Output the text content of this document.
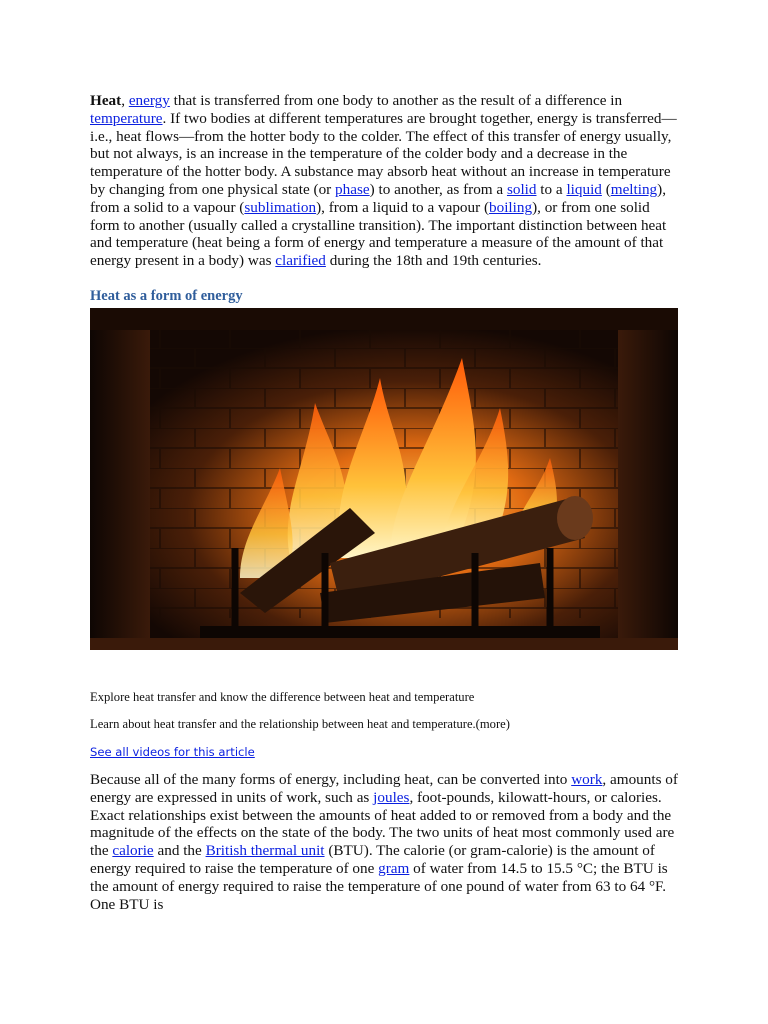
Heat, energy that is transferred from one body to another as the result of a difference in temperature. If two bodies at different temperatures are brought together, energy is transferred—i.e., heat flows—from the hotter body to the colder. The effect of this transfer of energy usually, but not always, is an increase in the temperature of the colder body and a decrease in the temperature of the hotter body. A substance may absorb heat without an increase in temperature by changing from one physical state (or phase) to another, as from a solid to a liquid (melting), from a solid to a vapour (sublimation), from a liquid to a vapour (boiling), or from one solid form to another (usually called a crystalline transition). The important distinction between heat and temperature (heat being a form of energy and temperature a measure of the amount of that energy present in a body) was clarified during the 18th and 19th centuries.

Heat as a form of energy

Explore heat transfer and know the difference between heat and temperature

Learn about heat transfer and the relationship between heat and temperature.(more)

See all videos for this article

Because all of the many forms of energy, including heat, can be converted into work, amounts of energy are expressed in units of work, such as joules, foot-pounds, kilowatt-hours, or calories. Exact relationships exist between the amounts of heat added to or removed from a body and the magnitude of the effects on the state of the body. The two units of heat most commonly used are the calorie and the British thermal unit (BTU). The calorie (or gram-calorie) is the amount of energy required to raise the temperature of one gram of water from 14.5 to 15.5 °C; the BTU is the amount of energy required to raise the temperature of one pound of water from 63 to 64 °F. One BTU is
